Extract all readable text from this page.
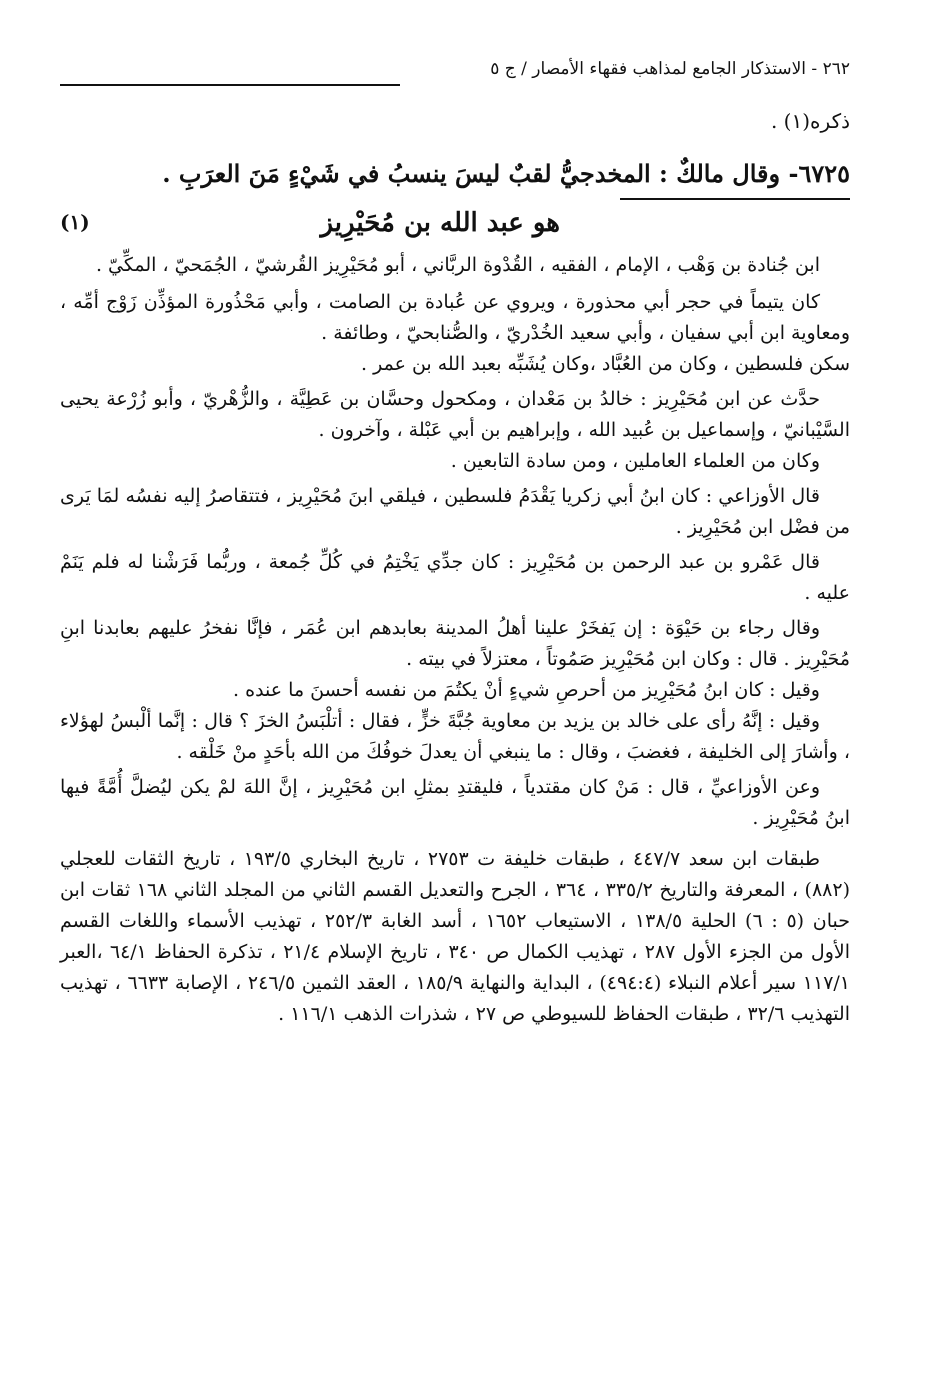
٢٦٢ - الاستذكار الجامع لمذاهب فقهاء الأمصار / ج ٥
ذكره(١) .

٦٧٢٥- وقال مالكٌ : المخدجيُّ لقبٌ ليسَ ينسبُ في شَيْءٍ مَنَ العرَبِ .

(١)	هو عبد الله بن مُحَيْرِيز

ابن جُنادة بن وَهْب ، الإمام ، الفقيه ، القُدْوة الربَّاني ، أبو مُحَيْرِيز القُرشيّ ، الجُمَحيّ ، المكِّيّ .

كان يتيماً في حجر أبي محذورة ، ويروي عن عُبادة بن الصامت ، وأبي مَحْذُورة المؤذِّن زَوْج أمِّه ، ومعاوية ابن أبي سفيان ، وأبي سعيد الخُدْريّ ، والصُّنابحيّ ، وطائفة .

سكن فلسطين ، وكان من العُبَّاد ،وكان يُشَبِّه بعبد الله بن عمر .

حدَّث عن ابن مُحَيْرِيز : خالدُ بن مَعْدان ، ومكحول وحسَّان بن عَطِيَّة ، والزُّهْريّ ، وأبو زُرْعة يحيى السَّيْبانيّ ، وإسماعيل بن عُبيد الله ، وإبراهيم بن أبي عَبْلة ، وآخرون .

وكان من العلماء العاملين ، ومن سادة التابعين .

قال الأوزاعي : كان ابنُ أبي زكريا يَقْدَمُ فلسطين ، فيلقي ابنَ مُحَيْرِيز ، فتتقاصرُ إليه نفسُه لمَا يَرى من فضْل ابن مُحَيْرِيز .

قال عَمْرو بن عبد الرحمن بن مُحَيْرِيز : كان جدِّي يَخْتِمُ في كُلِّ جُمعة ، وربُّما فَرَشْنا له فلم يَنَمْ عليه .

وقال رجاء بن حَيْوَة : إن يَفخَرْ علينا أهلُ المدينة بعابدهم ابن عُمَر ، فإنَّا نفخرُ عليهم بعابدنا ابنِ مُحَيْرِيز . قال : وكان ابن مُحَيْرِيز صَمُوتاً ، معتزلاً في بيته .

وقيل : كان ابنُ مُحَيْرِيز من أحرصِ شيءٍ أنْ يكتُمَ من نفسه أحسنَ ما عنده .

وقيل : إنَّهُ رأى على خالد بن يزيد بن معاوية جُبَّةَ خزٍّ ، فقال : أتلْبَسُ الخزَ ؟ قال : إنَّما ألْبسُ لهؤلاء ، وأشارَ إلى الخليفة ، فغضبَ ، وقال : ما ينبغي أن يعدلَ خوفُكَ من الله بأحَدٍ منْ خَلْقه .

وعن الأوزاعيِّ ، قال : مَنْ كان مقتدياً ، فليقتدِ بمثلِ ابن مُحَيْرِيز ، إنَّ اللهَ لمْ يكن ليُضلَّ أُمَّةً فيها ابنُ مُحَيْرِيز .

طبقات ابن سعد ٤٤٧/٧ ، طبقات خليفة ت ٢٧٥٣ ، تاريخ البخاري ١٩٣/٥ ، تاريخ الثقات للعجلي (٨٨٢) ، المعرفة والتاريخ ٣٣٥/٢ ، ٣٦٤ ، الجرح والتعديل القسم الثاني من المجلد الثاني ١٦٨ ثقات ابن حبان (٥ : ٦) الحلية ١٣٨/٥ ، الاستيعاب ١٦٥٢ ، أسد الغابة ٢٥٢/٣ ، تهذيب الأسماء واللغات القسم الأول من الجزء الأول ٢٨٧ ، تهذيب الكمال ص ٣٤٠ ، تاريخ الإسلام ٢١/٤ ، تذكرة الحفاظ ٦٤/١ ،العبر ١١٧/١ سير أعلام النبلاء (٤٩٤:٤) ، البداية والنهاية ١٨٥/٩ ، العقد الثمين ٢٤٦/٥ ، الإصابة ٦٦٣٣ ، تهذيب التهذيب ٣٢/٦ ، طبقات الحفاظ للسيوطي ص ٢٧ ، شذرات الذهب ١١٦/١ .
